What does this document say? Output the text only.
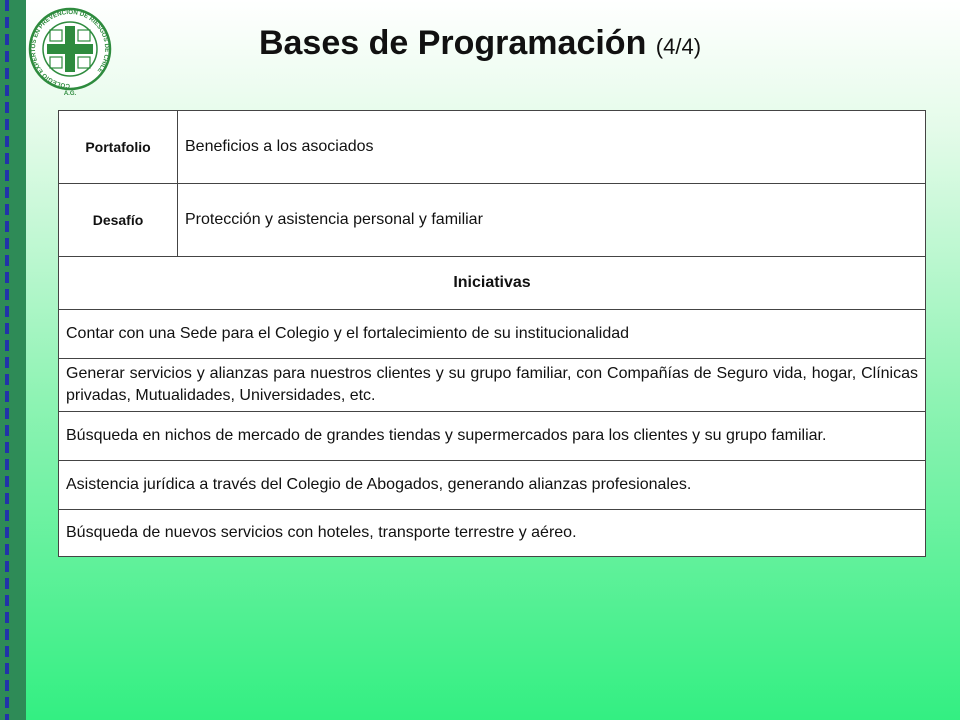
COLEGIO EXPERTOS EN PREVENCION DE RIESGOS DE CHILE
A.G.
Bases de Programación (4/4)
Portafolio	Beneficios a los asociados
Desafío	Protección y asistencia personal y familiar
Iniciativas	
Contar con una Sede para el Colegio y el fortalecimiento de su institucionalidad	
Generar servicios y alianzas para nuestros clientes y su grupo familiar, con Compañías de Seguro vida, hogar, Clínicas privadas, Mutualidades, Universidades, etc.	
Búsqueda en nichos de mercado de grandes tiendas y supermercados para los clientes y su grupo familiar.	
Asistencia jurídica a través del Colegio de Abogados, generando alianzas profesionales.	
Búsqueda de nuevos servicios con hoteles, transporte terrestre y aéreo.	
